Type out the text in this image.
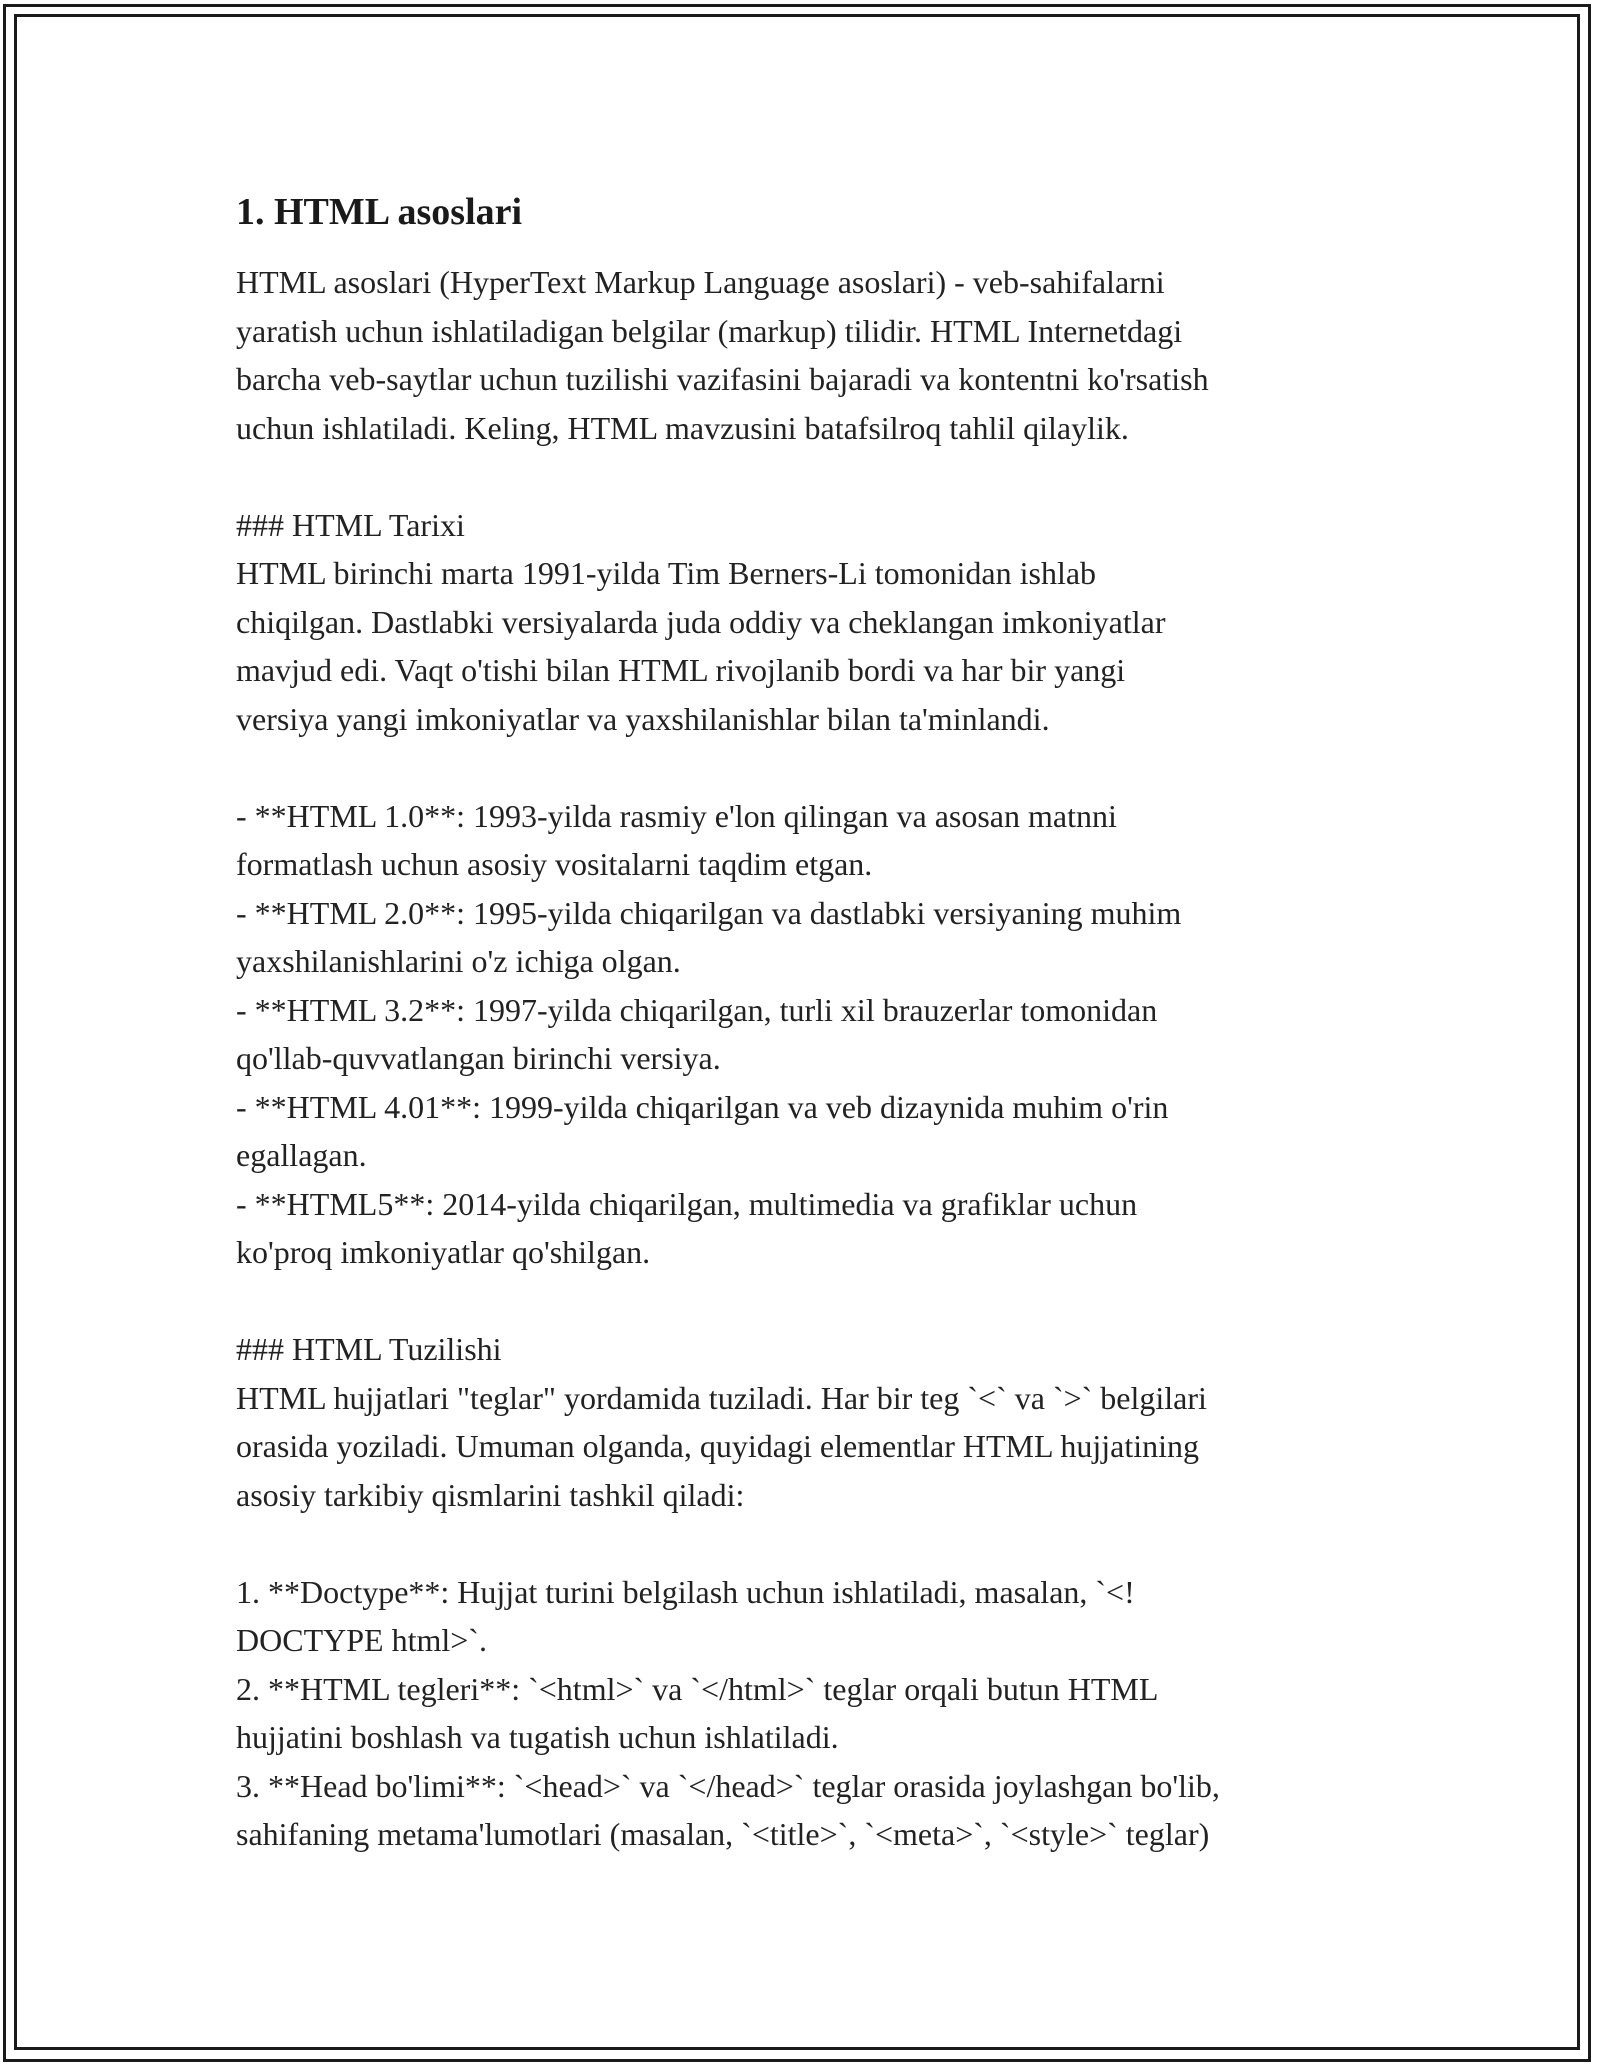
1. HTML asoslari

HTML asoslari (HyperText Markup Language asoslari) - veb-sahifalarni
yaratish uchun ishlatiladigan belgilar (markup) tilidir. HTML Internetdagi
barcha veb-saytlar uchun tuzilishi vazifasini bajaradi va kontentni ko'rsatish
uchun ishlatiladi. Keling, HTML mavzusini batafsilroq tahlil qilaylik.

### HTML Tarixi
HTML birinchi marta 1991-yilda Tim Berners-Li tomonidan ishlab
chiqilgan. Dastlabki versiyalarda juda oddiy va cheklangan imkoniyatlar
mavjud edi. Vaqt o'tishi bilan HTML rivojlanib bordi va har bir yangi
versiya yangi imkoniyatlar va yaxshilanishlar bilan ta'minlandi.

- **HTML 1.0**: 1993-yilda rasmiy e'lon qilingan va asosan matnni
formatlash uchun asosiy vositalarni taqdim etgan.
- **HTML 2.0**: 1995-yilda chiqarilgan va dastlabki versiyaning muhim
yaxshilanishlarini o'z ichiga olgan.
- **HTML 3.2**: 1997-yilda chiqarilgan, turli xil brauzerlar tomonidan
qo'llab-quvvatlangan birinchi versiya.
- **HTML 4.01**: 1999-yilda chiqarilgan va veb dizaynida muhim o'rin
egallagan.
- **HTML5**: 2014-yilda chiqarilgan, multimedia va grafiklar uchun
ko'proq imkoniyatlar qo'shilgan.

### HTML Tuzilishi
HTML hujjatlari "teglar" yordamida tuziladi. Har bir teg `<` va `>` belgilari
orasida yoziladi. Umuman olganda, quyidagi elementlar HTML hujjatining
asosiy tarkibiy qismlarini tashkil qiladi:

1. **Doctype**: Hujjat turini belgilash uchun ishlatiladi, masalan, `<!
DOCTYPE html>`.
2. **HTML tegleri**: `<html>` va `</html>` teglar orqali butun HTML
hujjatini boshlash va tugatish uchun ishlatiladi.
3. **Head bo'limi**: `<head>` va `</head>` teglar orasida joylashgan bo'lib,
sahifaning metama'lumotlari (masalan, `<title>`, `<meta>`, `<style>` teglar)
